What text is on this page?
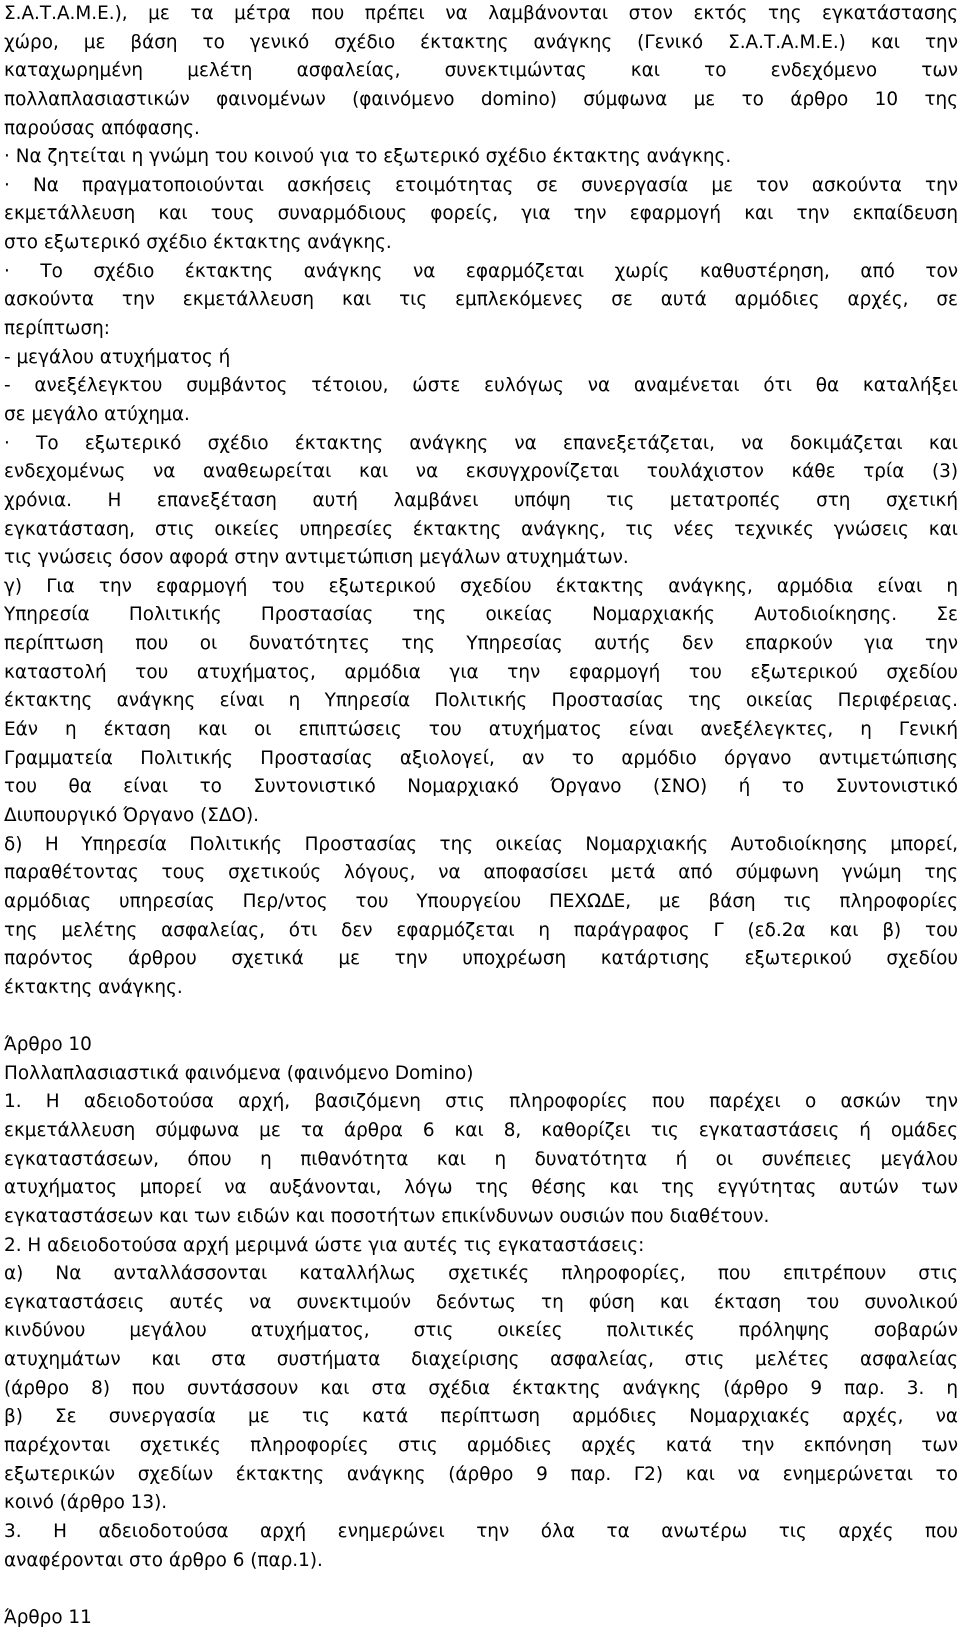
Σ.Α.Τ.Α.Μ.Ε.), με τα μέτρα που πρέπει να λαμβάνονται στον εκτός της εγκατάστασης
χώρο, με βάση το γενικό σχέδιο έκτακτης ανάγκης (Γενικό Σ.Α.Τ.Α.Μ.Ε.) και την
καταχωρημένη μελέτη ασφαλείας, συνεκτιμώντας και το ενδεχόμενο των
πολλαπλασιαστικών φαινομένων (φαινόμενο domino) σύμφωνα με το άρθρο 10 της
παρούσας απόφασης.
· Να ζητείται η γνώμη του κοινού για το εξωτερικό σχέδιο έκτακτης ανάγκης.
· Να πραγματοποιούνται ασκήσεις ετοιμότητας σε συνεργασία με τον ασκούντα την
εκμετάλλευση και τους συναρμόδιους φορείς, για την εφαρμογή και την εκπαίδευση
στο εξωτερικό σχέδιο έκτακτης ανάγκης.
· Το σχέδιο έκτακτης ανάγκης να εφαρμόζεται χωρίς καθυστέρηση, από τον
ασκούντα την εκμετάλλευση και τις εμπλεκόμενες σε αυτά αρμόδιες αρχές, σε
περίπτωση:
- μεγάλου ατυχήματος ή
- ανεξέλεγκτου συμβάντος τέτοιου, ώστε ευλόγως να αναμένεται ότι θα καταλήξει
σε μεγάλο ατύχημα.
· Το εξωτερικό σχέδιο έκτακτης ανάγκης να επανεξετάζεται, να δοκιμάζεται και
ενδεχομένως να αναθεωρείται και να εκσυγχρονίζεται τουλάχιστον κάθε τρία (3)
χρόνια. Η επανεξέταση αυτή λαμβάνει υπόψη τις μετατροπές στη σχετική
εγκατάσταση, στις οικείες υπηρεσίες έκτακτης ανάγκης, τις νέες τεχνικές γνώσεις και
τις γνώσεις όσον αφορά στην αντιμετώπιση μεγάλων ατυχημάτων.
γ) Για την εφαρμογή του εξωτερικού σχεδίου έκτακτης ανάγκης, αρμόδια είναι η
Υπηρεσία Πολιτικής Προστασίας της οικείας Νομαρχιακής Αυτοδιοίκησης. Σε
περίπτωση που οι δυνατότητες της Υπηρεσίας αυτής δεν επαρκούν για την
καταστολή του ατυχήματος, αρμόδια για την εφαρμογή του εξωτερικού σχεδίου
έκτακτης ανάγκης είναι η Υπηρεσία Πολιτικής Προστασίας της οικείας Περιφέρειας.
Εάν η έκταση και οι επιπτώσεις του ατυχήματος είναι ανεξέλεγκτες, η Γενική
Γραμματεία Πολιτικής Προστασίας αξιολογεί, αν το αρμόδιο όργανο αντιμετώπισης
του θα είναι το Συντονιστικό Νομαρχιακό Όργανο (ΣΝΟ) ή το Συντονιστικό
Διυπουργικό Όργανο (ΣΔΟ).
δ) Η Υπηρεσία Πολιτικής Προστασίας της οικείας Νομαρχιακής Αυτοδιοίκησης μπορεί,
παραθέτοντας τους σχετικούς λόγους, να αποφασίσει μετά από σύμφωνη γνώμη της
αρμόδιας υπηρεσίας Περ/ντος του Υπουργείου ΠΕΧΩΔΕ, με βάση τις πληροφορίες
της μελέτης ασφαλείας, ότι δεν εφαρμόζεται η παράγραφος Γ (εδ.2α και β) του
παρόντος άρθρου σχετικά με την υποχρέωση κατάρτισης εξωτερικού σχεδίου
έκτακτης ανάγκης.
Άρθρο 10
Πολλαπλασιαστικά φαινόμενα (φαινόμενο Domino)
1. Η αδειοδοτούσα αρχή, βασιζόμενη στις πληροφορίες που παρέχει ο ασκών την
εκμετάλλευση σύμφωνα με τα άρθρα 6 και 8, καθορίζει τις εγκαταστάσεις ή ομάδες
εγκαταστάσεων, όπου η πιθανότητα και η δυνατότητα ή οι συνέπειες μεγάλου
ατυχήματος μπορεί να αυξάνονται, λόγω της θέσης και της εγγύτητας αυτών των
εγκαταστάσεων και των ειδών και ποσοτήτων επικίνδυνων ουσιών που διαθέτουν.
2. Η αδειοδοτούσα αρχή μεριμνά ώστε για αυτές τις εγκαταστάσεις:
α) Να ανταλλάσσονται καταλλήλως σχετικές πληροφορίες, που επιτρέπουν στις
εγκαταστάσεις αυτές να συνεκτιμούν δεόντως τη φύση και έκταση του συνολικού
κινδύνου μεγάλου ατυχήματος, στις οικείες πολιτικές πρόληψης σοβαρών
ατυχημάτων και στα συστήματα διαχείρισης ασφαλείας, στις μελέτες ασφαλείας
(άρθρο 8) που συντάσσουν και στα σχέδια έκτακτης ανάγκης (άρθρο 9 παρ. 3. η
β) Σε συνεργασία με τις κατά περίπτωση αρμόδιες Νομαρχιακές αρχές, να
παρέχονται σχετικές πληροφορίες στις αρμόδιες αρχές κατά την εκπόνηση των
εξωτερικών σχεδίων έκτακτης ανάγκης (άρθρο 9 παρ. Γ2) και να ενημερώνεται το
κοινό (άρθρο 13).
3. Η αδειοδοτούσα αρχή ενημερώνει την όλα τα ανωτέρω τις αρχές που
αναφέρονται στο άρθρο 6 (παρ.1).
Άρθρο 11
